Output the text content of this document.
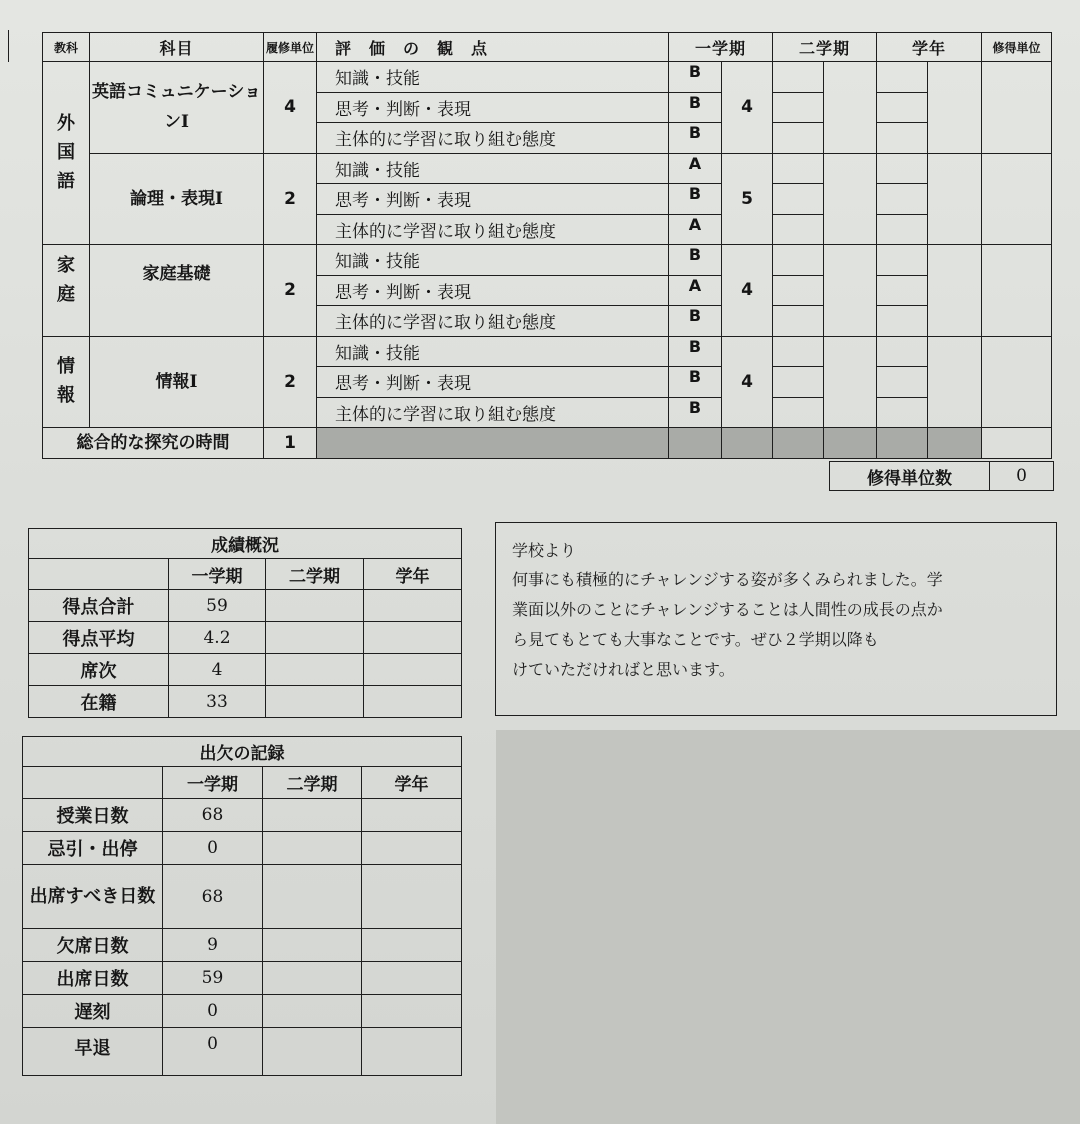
教科	科目	履修単位	評　価　の　観　点	一学期		二学期		学年		修得単位
外国語	英語コミュニケーションⅠ	4	知識・技能	B	4					
			思考・判断・表現	B						
			主体的に学習に取り組む態度	B						
	論理・表現Ⅰ	2	知識・技能	A	5					
			思考・判断・表現	B						
			主体的に学習に取り組む態度	A						
家庭	家庭基礎	2	知識・技能	B	4					
			思考・判断・表現	A						
			主体的に学習に取り組む態度	B						
情報	情報Ⅰ	2	知識・技能	B	4					
			思考・判断・表現	B						
			主体的に学習に取り組む態度	B						
総合的な探究の時間		1								
修得単位数	0
成績概況			
	一学期	二学期	学年
得点合計	59		
得点平均	4.2		
席次	4		
在籍	33		
出欠の記録			
	一学期	二学期	学年
授業日数	68		
忌引・出停	0		
出席すべき日数	68		
欠席日数	9		
出席日数	59		
遅刻	0		
早退	0		
学校より
何事にも積極的にチャレンジする姿が多くみられました。学
業面以外のことにチャレンジすることは人間性の成長の点か
ら見てもとても大事なことです。ぜひ２学期以降も
けていただければと思います。
